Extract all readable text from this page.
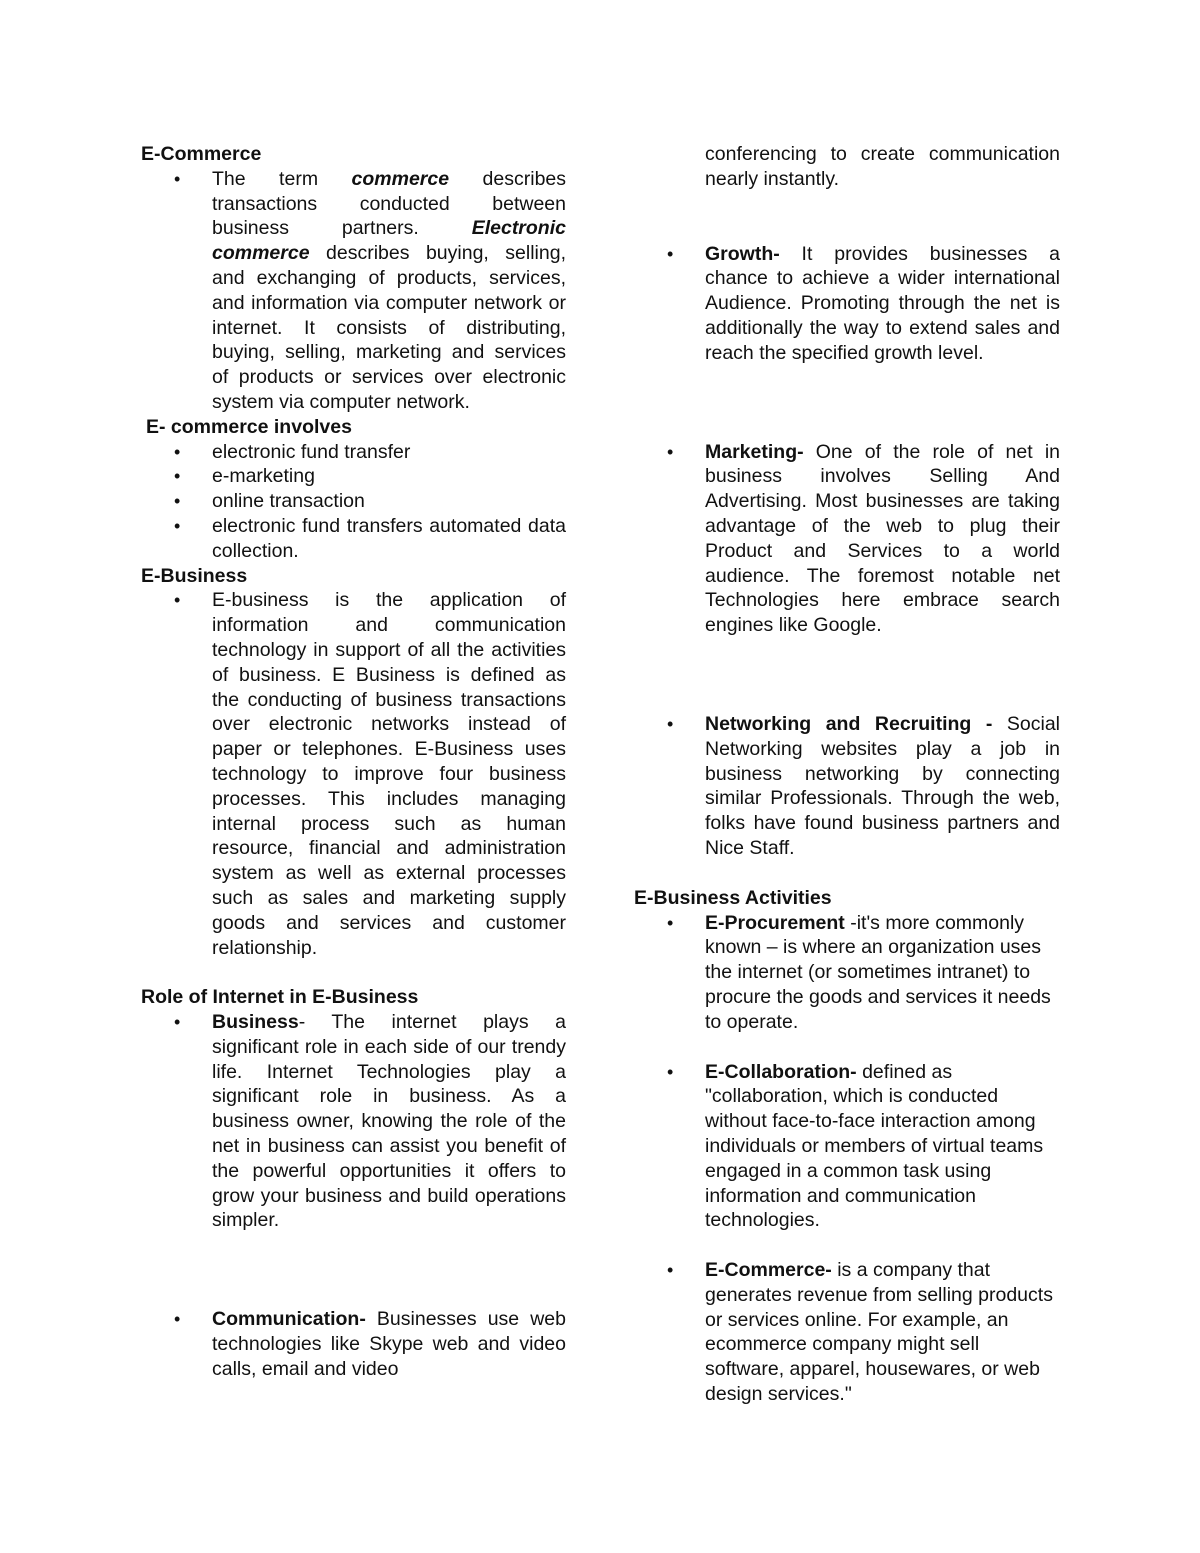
E-Commerce

• The term commerce describes transactions conducted between business partners. Electronic commerce describes buying, selling, and exchanging of products, services, and information via computer network or internet. It consists of distributing, buying, selling, marketing and services of products or services over electronic system via computer network.

E- commerce involves

• electronic fund transfer
• e-marketing
• online transaction
• electronic fund transfers automated data collection.

E-Business

• E-business is the application of information and communication technology in support of all the activities of business. E Business is defined as the conducting of business transactions over electronic networks instead of paper or telephones. E-Business uses technology to improve four business processes. This includes managing internal process such as human resource, financial and administration system as well as external processes such as sales and marketing supply goods and services and customer relationship.

Role of Internet in E-Business

• Business- The internet plays a significant role in each side of our trendy life. Internet Technologies play a significant role in business. As a business owner, knowing the role of the net in business can assist you benefit of the powerful opportunities it offers to grow your business and build operations simpler.
• Communication- Businesses use web technologies like Skype web and video calls, email and video

conferencing to create communication nearly instantly.

• Growth- It provides businesses a chance to achieve a wider international Audience. Promoting through the net is additionally the way to extend sales and reach the specified growth level.
• Marketing- One of the role of net in business involves Selling And Advertising. Most businesses are taking advantage of the web to plug their Product and Services to a world audience. The foremost notable net Technologies here embrace search engines like Google.
• Networking and Recruiting - Social Networking websites play a job in business networking by connecting similar Professionals. Through the web, folks have found business partners and Nice Staff.

E-Business Activities

• E-Procurement -it's more commonly known – is where an organization uses the internet (or sometimes intranet) to procure the goods and services it needs to operate.
• E-Collaboration- defined as "collaboration, which is conducted without face-to-face interaction among individuals or members of virtual teams engaged in a common task using information and communication technologies.
• E-Commerce- is a company that generates revenue from selling products or services online. For example, an ecommerce company might sell software, apparel, housewares, or web design services."
